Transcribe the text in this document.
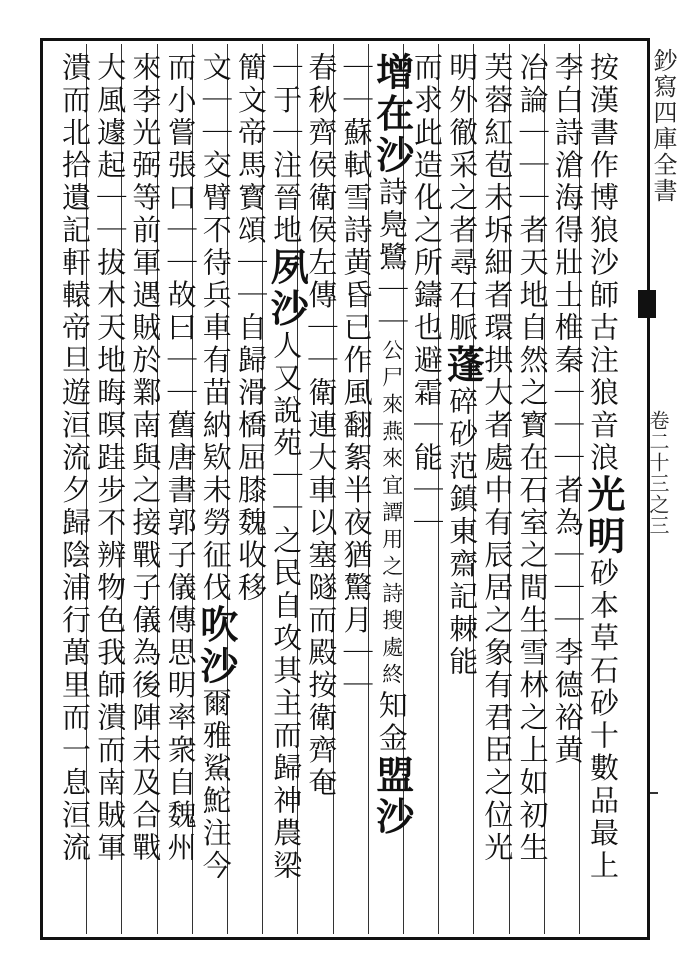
鈔寫四庫全書
卷二十三之三
按漢書作博狼沙師古注狼音浪光明砂本草石砂十數品最上
李白詩滄海得壯士椎秦｜｜｜者為｜｜｜李德裕黄
冶論｜｜｜者天地自然之寳在石室之間生雪林之上如初生
芙蓉紅苞未坼細者環拱大者處中有辰居之象有君臣之位光
明外徹采之者尋石脈蓬碎砂范鎮東齋記棘能
而求此造化之所鑄也避霜｜能｜｜
增在沙詩鳧鷺｜｜公尸來燕來宜譚用之詩搜處終知金盟沙
｜｜蘇軾雪詩黄昏已作風翻絮半夜猶驚月｜｜
春秋齊侯衛侯左傳｜｜衛連大車以塞隧而殿按衛齊奄
｜于｜注晉地夙沙人又說苑｜｜之民自攻其主而歸神農梁
簡文帝馬寳頌｜｜自歸滑橋屈膝魏收移
文｜｜交臂不待兵車有苗納欵未勞征伐吹沙爾雅鯊鮀注今
而小嘗張口｜｜故曰｜｜舊唐書郭子儀傳思明率衆自魏州
來李光弼等前軍遇賊於鄴南與之接戰子儀為後陣未及合戰
大風遽起｜｜拔木天地晦暝跬步不辨物色我師潰而南賊軍
潰而北拾遺記軒轅帝旦遊洹流夕歸陰浦行萬里而一息洹流
